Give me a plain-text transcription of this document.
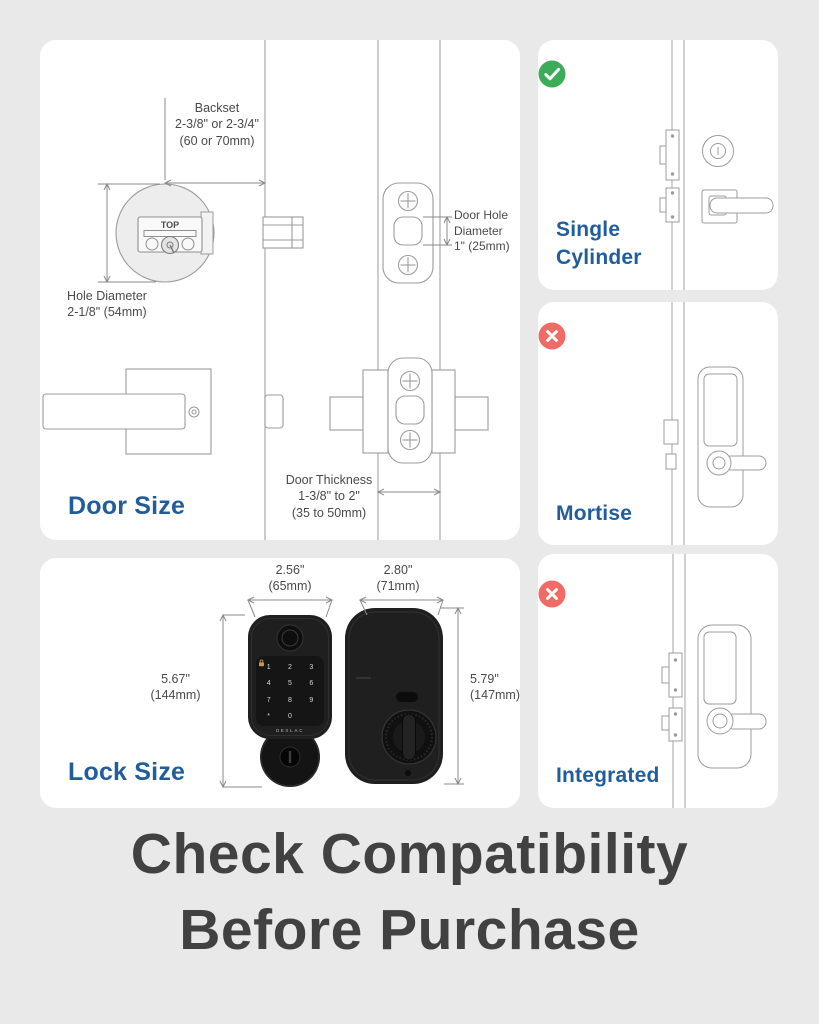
TOP
Backset
2-3/8" or 2-3/4"
(60 or 70mm)
Hole Diameter
2-1/8" (54mm)
Door Hole
Diameter
1" (25mm)
Door Thickness
1-3/8" to 2"
(35 to 50mm)
Door Size
Single Cylinder
Mortise
Integrated
1 2 3
4 5 6
7 8 9
*	0
DESLAC
2.56"
(65mm)
2.80"
(71mm)
5.67"
(144mm)
5.79"
(147mm)
Lock Size
Check Compatibility
Before Purchase
